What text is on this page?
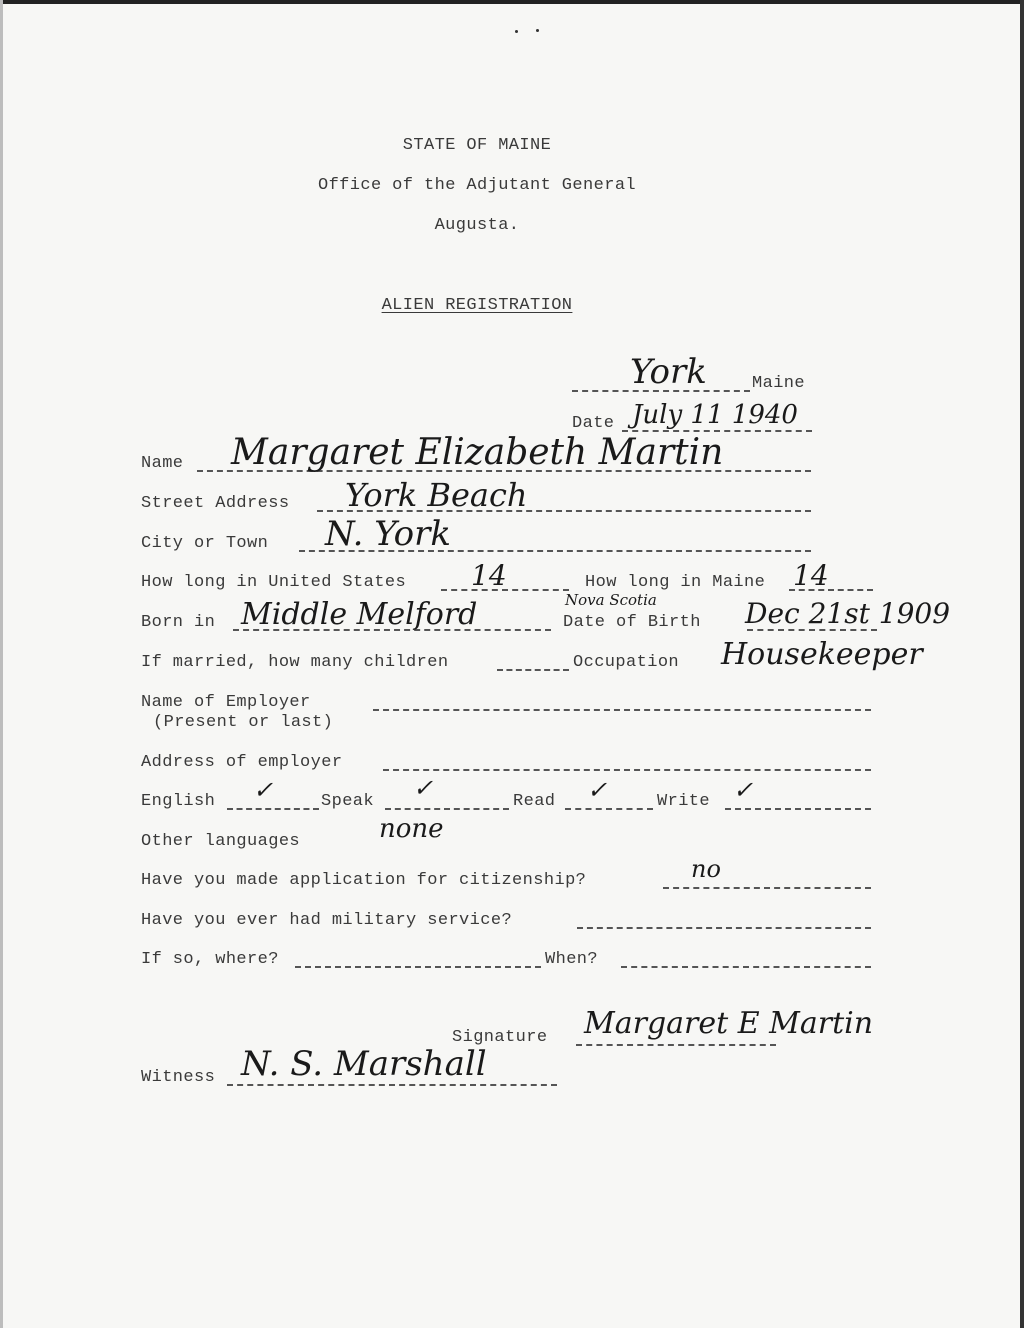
STATE OF MAINE
Office of the Adjutant General
Augusta.
ALIEN REGISTRATION
York	Maine
Date July 11 1940
Name Margaret Elizabeth Martin
Street Address York Beach
City or Town N. York
How long in United States 14	How long in Maine 14
Born in Middle Melford	Nova Scotia
Date of Birth Dec 21st 1909
If married, how many children	Occupation Housekeeper
Name of Employer
(Present or last)
Address of employer
English ✓	Speak ✓	Read ✓	Write ✓
Other languages	none
Have you made application for citizenship?	no
Have you ever had military service?
If so, where?	When?
Signature Margaret E Martin
Witness N. S. Marshall
